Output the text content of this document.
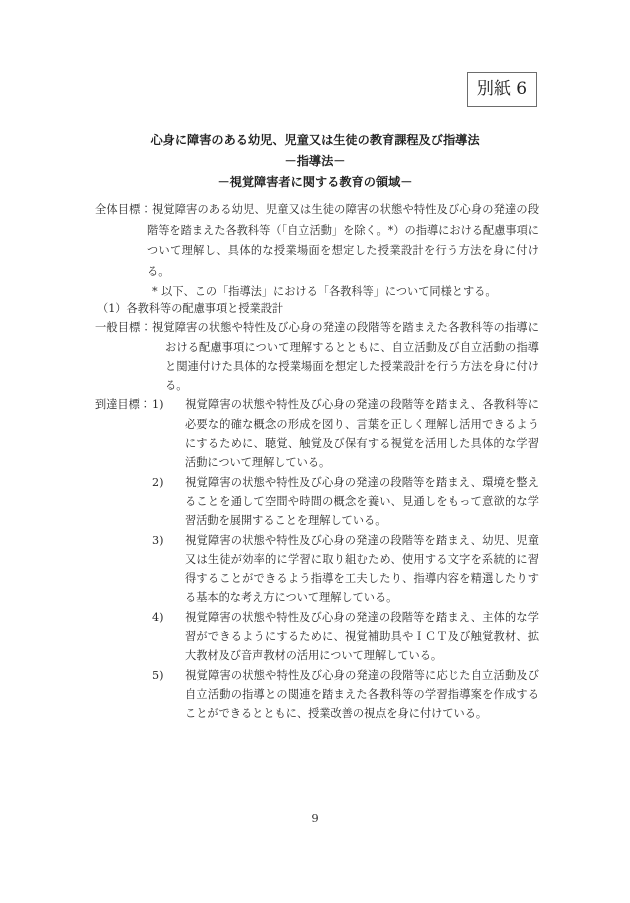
別紙 6
心身に障害のある幼児、児童又は生徒の教育課程及び指導法
－指導法－
－視覚障害者に関する教育の領域－

全体目標：視覚障害のある幼児、児童又は生徒の障害の状態や特性及び心身の発達の段階等を踏まえた各教科等（「自立活動」を除く。*）の指導における配慮事項について理解し、具体的な授業場面を想定した授業設計を行う方法を身に付ける。

* 以下、この「指導法」における「各教科等」について同様とする。

（1）各教科等の配慮事項と授業設計

一般目標：視覚障害の状態や特性及び心身の発達の段階等を踏まえた各教科等の指導における配慮事項について理解するとともに、自立活動及び自立活動の指導と関連付けた具体的な授業場面を想定した授業設計を行う方法を身に付ける。

到達目標： 1) 視覚障害の状態や特性及び心身の発達の段階等を踏まえ、各教科等に必要な的確な概念の形成を図り、言葉を正しく理解し活用できるようにするために、聴覚、触覚及び保有する視覚を活用した具体的な学習活動について理解している。

2) 視覚障害の状態や特性及び心身の発達の段階等を踏まえ、環境を整えることを通して空間や時間の概念を養い、見通しをもって意欲的な学習活動を展開することを理解している。

3) 視覚障害の状態や特性及び心身の発達の段階等を踏まえ、幼児、児童又は生徒が効率的に学習に取り組むため、使用する文字を系統的に習得することができるよう指導を工夫したり、指導内容を精選したりする基本的な考え方について理解している。

4) 視覚障害の状態や特性及び心身の発達の段階等を踏まえ、主体的な学習ができるようにするために、視覚補助具やＩＣＴ及び触覚教材、拡大教材及び音声教材の活用について理解している。

5) 視覚障害の状態や特性及び心身の発達の段階等に応じた自立活動及び自立活動の指導との関連を踏まえた各教科等の学習指導案を作成することができるとともに、授業改善の視点を身に付けている。

9
